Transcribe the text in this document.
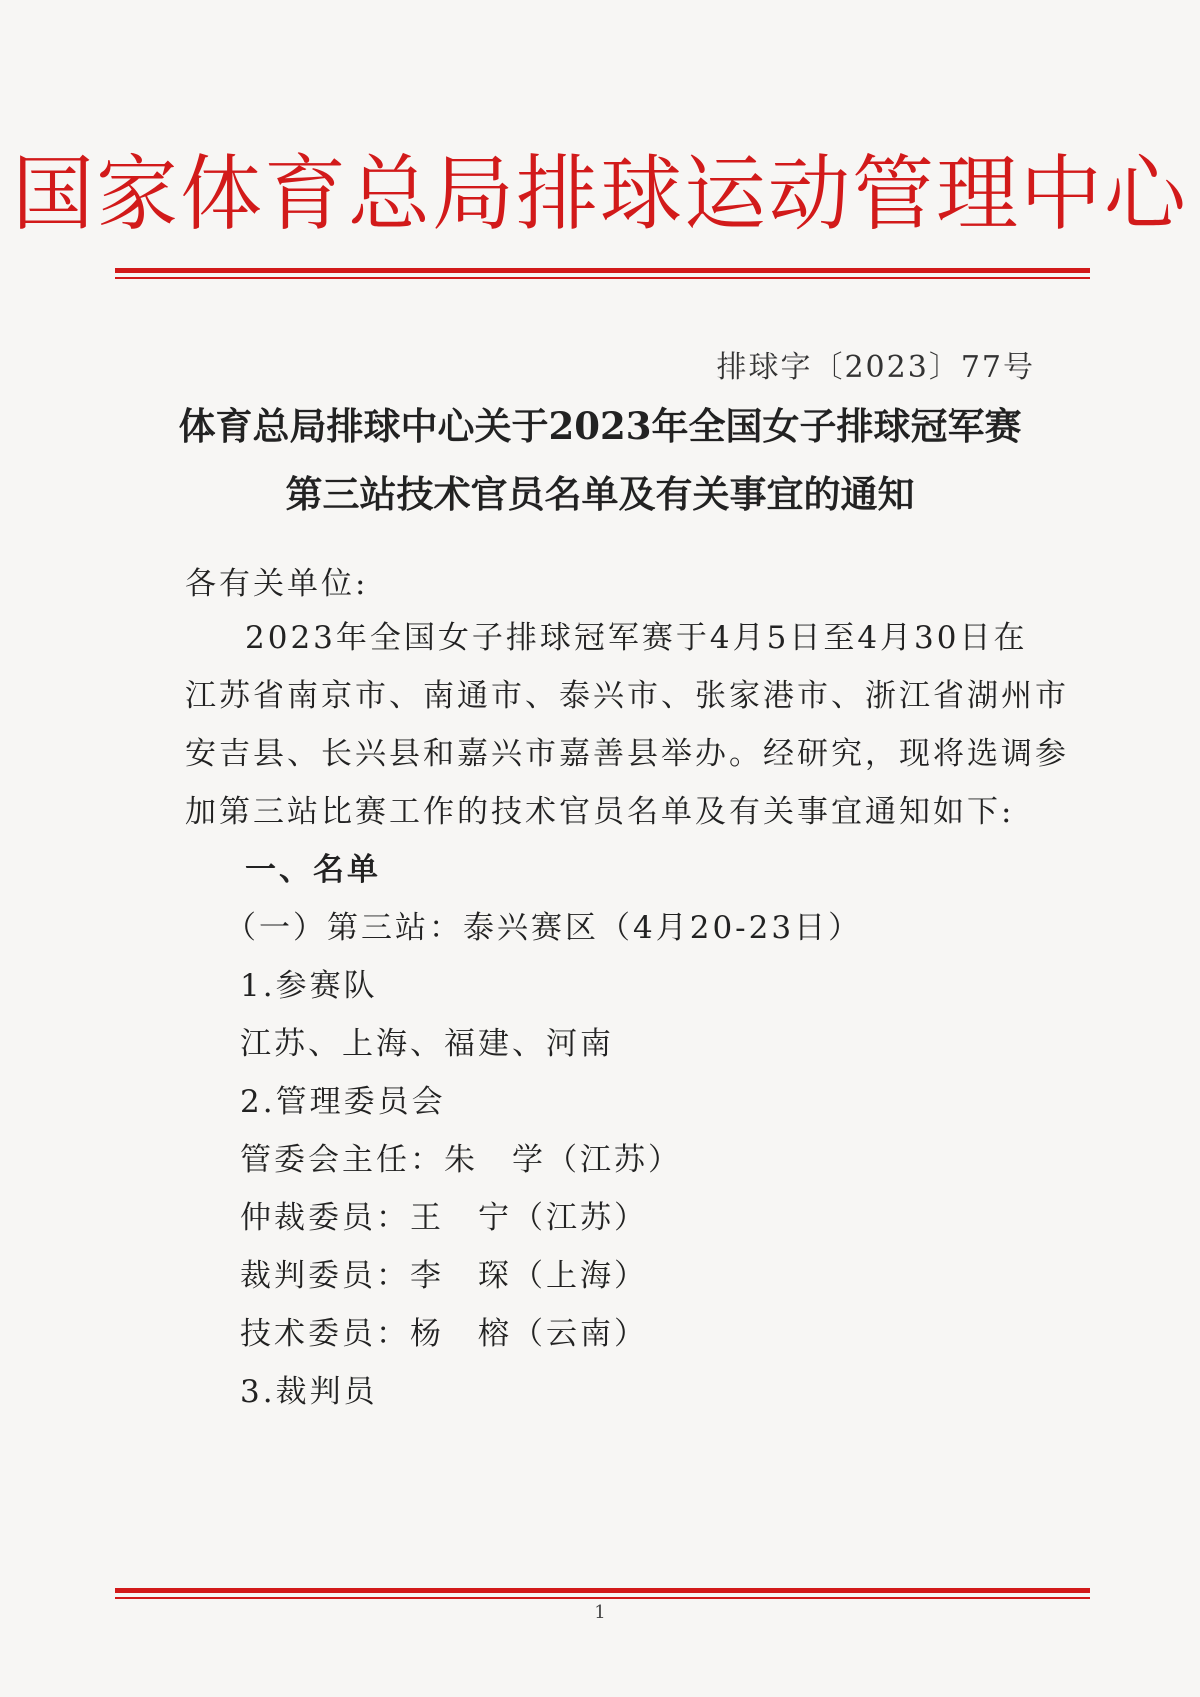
国家体育总局排球运动管理中心
排球字〔2023〕77号
体育总局排球中心关于2023年全国女子排球冠军赛
第三站技术官员名单及有关事宜的通知
各有关单位:
2023年全国女子排球冠军赛于4月5日至4月30日在
江苏省南京市、南通市、泰兴市、张家港市、浙江省湖州市
安吉县、长兴县和嘉兴市嘉善县举办。经研究，现将选调参
加第三站比赛工作的技术官员名单及有关事宜通知如下:
一、名单
（一）第三站：泰兴赛区（4月20-23日）
1.参赛队
江苏、上海、福建、河南
2.管理委员会
管委会主任：朱　学（江苏）
仲裁委员：王　宁（江苏）
裁判委员：李　琛（上海）
技术委员：杨　榕（云南）
3.裁判员
1
